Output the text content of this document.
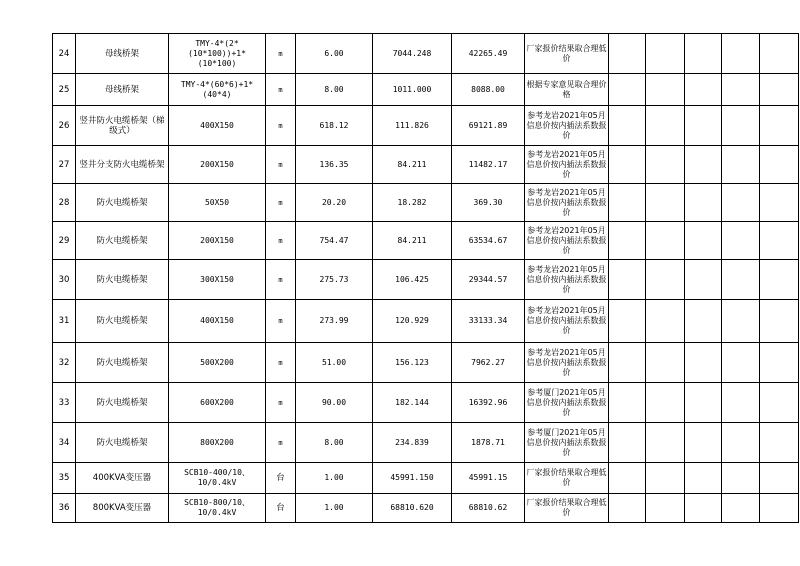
24	母线桥架	TMY-4*(2*(10*100))+1*(10*100)	m	6.00	7044.248	42265.49	厂家报价结果取合理低价					
25	母线桥架	TMY-4*(60*6)+1*(40*4)	m	8.00	1011.000	8088.00	根据专家意见取合理价格					
26	竖井防火电缆桥架（梯级式）	400X150	m	618.12	111.826	69121.89	参考龙岩2021年05月信息价按内插法系数报价					
27	竖井分支防火电缆桥架	200X150	m	136.35	84.211	11482.17	参考龙岩2021年05月信息价按内插法系数报价					
28	防火电缆桥架	50X50	m	20.20	18.282	369.30	参考龙岩2021年05月信息价按内插法系数报价					
29	防火电缆桥架	200X150	m	754.47	84.211	63534.67	参考龙岩2021年05月信息价按内插法系数报价					
30	防火电缆桥架	300X150	m	275.73	106.425	29344.57	参考龙岩2021年05月信息价按内插法系数报价					
31	防火电缆桥架	400X150	m	273.99	120.929	33133.34	参考龙岩2021年05月信息价按内插法系数报价					
32	防火电缆桥架	500X200	m	51.00	156.123	7962.27	参考龙岩2021年05月信息价按内插法系数报价					
33	防火电缆桥架	600X200	m	90.00	182.144	16392.96	参考厦门2021年05月信息价按内插法系数报价					
34	防火电缆桥架	800X200	m	8.00	234.839	1878.71	参考厦门2021年05月信息价按内插法系数报价					
35	400KVA变压器	SCB10-400/10、10/0.4kV	台	1.00	45991.150	45991.15	厂家报价结果取合理低价					
36	800KVA变压器	SCB10-800/10、10/0.4kV	台	1.00	68810.620	68810.62	厂家报价结果取合理低价					
